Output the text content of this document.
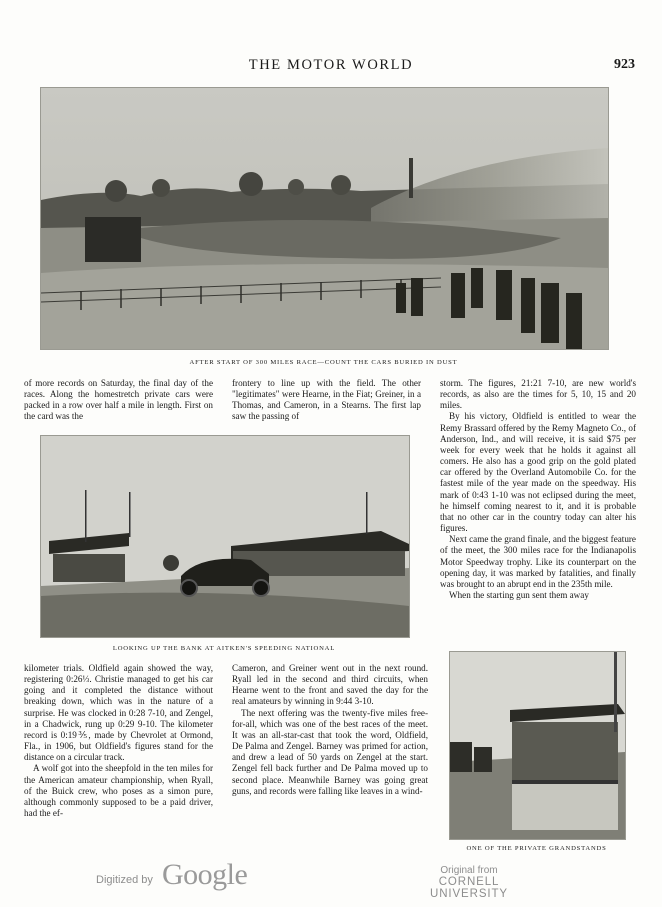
THE MOTOR WORLD	923
AFTER START OF 300 MILES RACE—COUNT THE CARS BURIED IN DUST

of more records on Saturday, the final day of the races. Along the homestretch private cars were packed in a row over half a mile in length. First on the card was the

frontery to line up with the field. The other "legitimates" were Hearne, in the Fiat; Greiner, in a Thomas, and Cameron, in a Stearns. The first lap saw the passing of

LOOKING UP THE BANK AT AITKEN'S SPEEDING NATIONAL

storm. The figures, 21:21 7-10, are new world's records, as also are the times for 5, 10, 15 and 20 miles.

By his victory, Oldfield is entitled to wear the Remy Brassard offered by the Remy Magneto Co., of Anderson, Ind., and will receive, it is said $75 per week for every week that he holds it against all comers. He also has a good grip on the gold plated car offered by the Overland Automobile Co. for the fastest mile of the year made on the speedway. His mark of 0:43 1-10 was not eclipsed during the meet, he himself coming nearest to it, and it is probable that no other car in the country today can alter his figures.

Next came the grand finale, and the biggest feature of the meet, the 300 miles race for the Indianapolis Motor Speedway trophy. Like its counterpart on the opening day, it was marked by fatalities, and finally was brought to an abrupt end in the 235th mile.

When the starting gun sent them away

ONE OF THE PRIVATE GRANDSTANDS

kilometer trials. Oldfield again showed the way, registering 0:26⅓. Christie managed to get his car going and it completed the distance without breaking down, which was in the nature of a surprise. He was clocked in 0:28 7-10, and Zengel, in a Chadwick, rung up 0:29 9-10. The kilometer record is 0:19⅗, made by Chevrolet at Ormond, Fla., in 1906, but Oldfield's figures stand for the distance on a circular track.

A wolf got into the sheepfold in the ten miles for the American amateur championship, when Ryall, of the Buick crew, who poses as a simon pure, although commonly supposed to be a paid driver, had the ef-

Cameron, and Greiner went out in the next round. Ryall led in the second and third circuits, when Hearne went to the front and saved the day for the real amateurs by winning in 9:44 3-10.

The next offering was the twenty-five miles free-for-all, which was one of the best races of the meet. It was an all-star-cast that took the word, Oldfield, De Palma and Zengel. Barney was primed for action, and drew a lead of 50 yards on Zengel at the start. Zengel fell back further and De Palma moved up to second place. Meanwhile Barney was going great guns, and records were falling like leaves in a wind-

Digitized by Google	Original from
CORNELL UNIVERSITY
